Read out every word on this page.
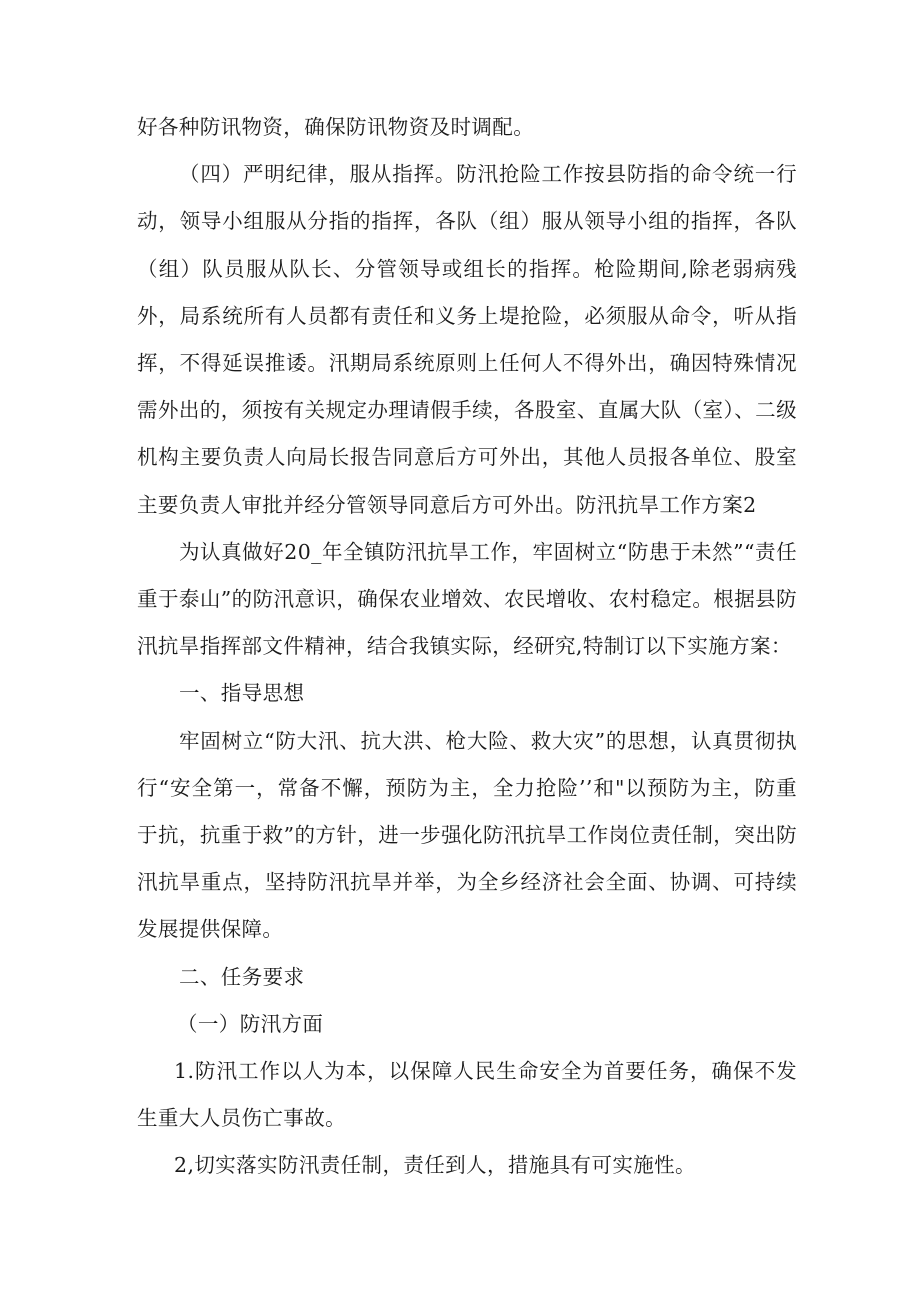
好各种防讯物资，确保防讯物资及时调配。

（四）严明纪律，服从指挥。防汛抢险工作按县防指的命令统一行动，领导小组服从分指的指挥，各队（组）服从领导小组的指挥，各队（组）队员服从队长、分管领导或组长的指挥。枪险期间,除老弱病残外，局系统所有人员都有责任和义务上堤抢险，必须服从命令，听从指挥，不得延误推诿。汛期局系统原则上任何人不得外出，确因特殊情况需外出的，须按有关规定办理请假手续，各股室、直属大队（室）、二级机构主要负责人向局长报告同意后方可外出，其他人员报各单位、股室主要负责人审批并经分管领导同意后方可外出。防汛抗旱工作方案2

为认真做好20_年全镇防汛抗旱工作，牢固树立“防患于未然”“责任重于泰山”的防汛意识，确保农业增效、农民增收、农村稳定。根据县防汛抗旱指挥部文件精神，结合我镇实际，经研究,特制订以下实施方案：

一、指导思想

牢固树立“防大汛、抗大洪、枪大险、救大灾”的思想，认真贯彻执行“安全第一，常备不懈，预防为主，全力抢险’’和"以预防为主，防重于抗，抗重于救”的方针，进一步强化防汛抗旱工作岗位责任制，突出防汛抗旱重点，坚持防汛抗旱并举，为全乡经济社会全面、协调、可持续发展提供保障。

二、任务要求

（一）防汛方面

1.防汛工作以人为本，以保障人民生命安全为首要任务，确保不发生重大人员伤亡事故。

2,切实落实防汛责任制，责任到人，措施具有可实施性。
